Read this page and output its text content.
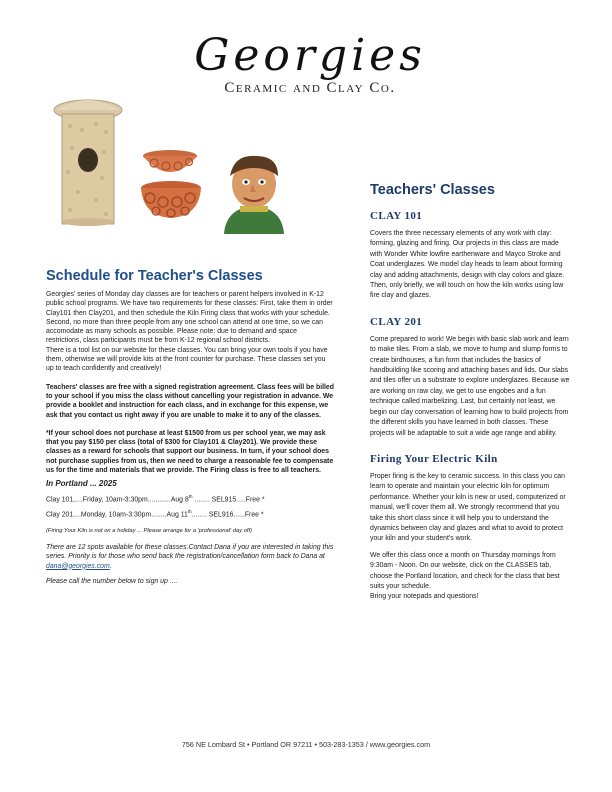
Georgies
Ceramic and Clay Co.
Schedule for Teacher's Classes

Georgies' series of Monday clay classes are for teachers or parent helpers involved in K-12 public school programs. We have two requirements for these classes: First, take them in order Clay101 then Clay201, and then schedule the Kiln Firing class that works with your schedule. Second, no more than three people from any one school can attend at one time, so we can accomodate as many schools as possible. Please note: due to demand and space restrictions, class participants must be from K-12 regional school districts.

There is a tool list on our website for these classes. You can bring your own tools if you have them, otherwise we will provide kits at the front counter for purchase. These classes set you up to teach confidently and creatively!

Teachers' classes are free with a signed registration agreement. Class fees will be billed to your school if you miss the class without cancelling your registration in advance. We provide a booklet and instruction for each class, and in exchange for this expense, we ask that you contact us right away if you are unable to make it to any of the classes.

*If your school does not purchase at least $1500 from us per school year, we may ask that you pay $150 per class (total of $300 for Clay101 & Clay201). We provide these classes as a reward for schools that support our business. In turn, if your school does not purchase supplies from us, then we need to charge a reasonable fee to compensate us for the time and materials that we provide. The Firing class is free to all teachers.

In Portland ... 2025
Clay 101.....Friday, 10am-3:30pm............Aug 8th ........ SEL915.....Free *
Clay 201....Monday, 10am-3:30pm........Aug 11th........ SEL916......Free *
(Firing Your Kiln is not on a holiday ... Please arrange for a 'professional' day off)

There are 12 spots available for these classes.Contact Dana if you are interested in taking this series. Priority is for those who send back the registration/cancellation form back to Dana at dana@georgies.com.

Please call the number below to sign up ....
Teachers' Classes
CLAY 101

Covers the three necessary elements of any work with clay: forming, glazing and firing. Our projects in this class are made with Wonder White lowfire earthenware and Mayco Stroke and Coat underglazes. We model clay heads to learn about forming clay and adding attachments, design with clay colors and glaze. Then, only briefly, we will touch on how the kiln works using low fire clay and glazes.

CLAY 201

Come prepared to work! We begin with basic slab work and learn to make tiles. From a slab, we move to hump and slump forms to create birdhouses, a fun form that includes the basics of handbuilding like scoring and attaching bases and lids. Our slabs and tiles offer us a substrate to explore underglazes. Because we are working on raw clay, we get to use engobes and a fun technique called marbelizing. Last, but certainly not least, we begin our clay conversation of learning how to build projects from the different skills you have learned in both classes. These projects will be adaptable to suit a wide age range and ability.

Firing Your Electric Kiln

Proper firing is the key to ceramic success. In this class you can learn to operate and maintain your electric kiln for optimum performance. Whether your kiln is new or used, computerized or manual, we'll cover them all. We strongly recommend that you take this short class since it will help you to understand the dynamics between clay and glazes and what to avoid to protect your kiln and your student's work.

We offer this class once a month on Thursday mornings from 9:30am - Noon. On our website, click on the CLASSES tab, choose the Portland location, and check for the class that best suits your schedule.

Bring your notepads and questions!

756 NE Lombard St • Portland OR 97211 • 503-283-1353 / www.georgies.com
